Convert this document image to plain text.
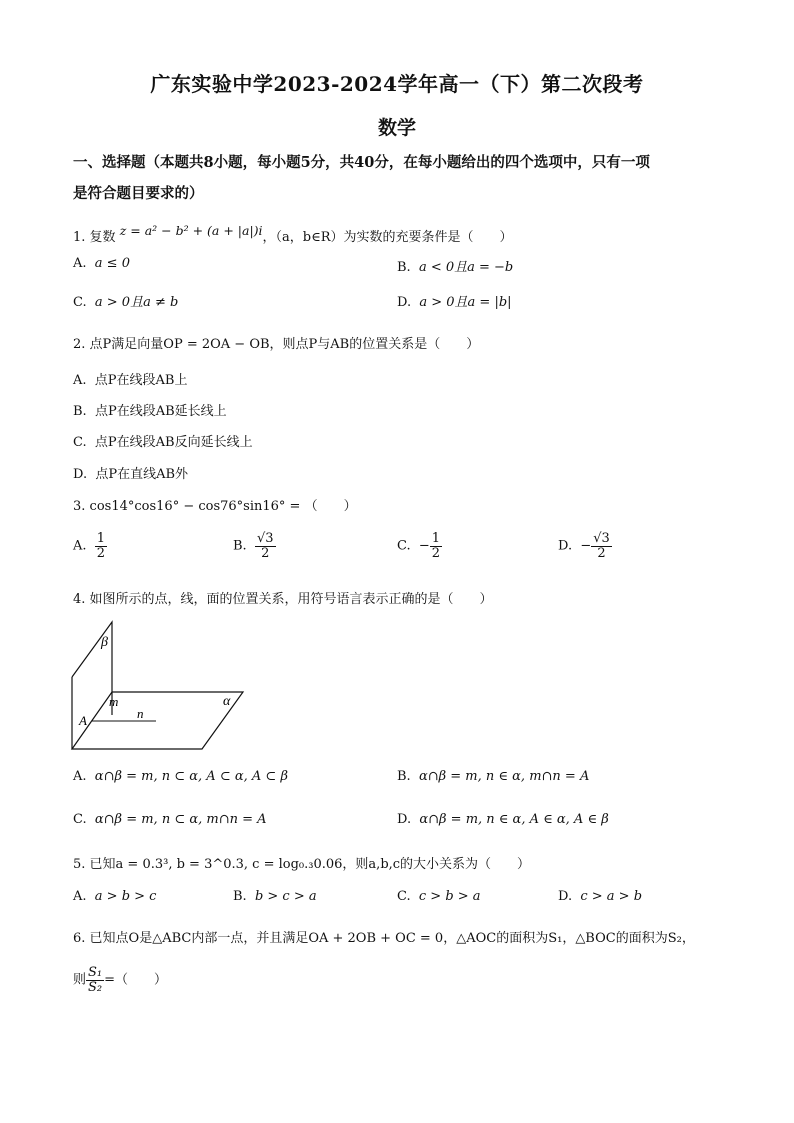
广东实验中学2023-2024学年高一（下）第二次段考
数学
一、选择题（本题共8小题，每小题5分，共40分，在每小题给出的四个选项中，只有一项
是符合题目要求的）
1. 复数 z = a² − b² + (a + |a|)i，（a，b∈R）为实数的充要条件是（　　）
A.  a ≤ 0	B.  a < 0且a = −b
C.  a > 0且a ≠ b	D.  a > 0且a = |b|
2. 点P满足向量OP = 2OA − OB，则点P与AB的位置关系是（　　）
A.  点P在线段AB上
B.  点P在线段AB延长线上
C.  点P在线段AB反向延长线上
D.  点P在直线AB外
3. cos14°cos16° − cos76°sin16° = （　　）
A. $\frac{1}{2}$	B. $\frac{√3}{2}$	C.  − $\frac{1}{2}$	D.  − $\frac{√3}{2}$
4. 如图所示的点，线，面的位置关系，用符号语言表示正确的是（　　）
β
α
m
n
A
A.  α∩β = m, n ⊂ α, A ⊂ α, A ⊂ β	B.  α∩β = m, n ∈ α, m∩n = A
C.  α∩β = m, n ⊂ α, m∩n = A	D.  α∩β = m, n ∈ α, A ∈ α, A ∈ β
5. 已知a = 0.3³, b = 3^0.3, c = log₀.₃0.06，则a,b,c的大小关系为（　　）
A.  a > b > c	B.  b > c > a	C.  c > b > a	D.  c > a > b
6. 已知点O是△ABC内部一点，并且满足OA + 2OB + OC = 0，△AOC的面积为S₁，△BOC的面积为S₂，
则 $\frac{\text{S₁}}{\text{S₂}}$ =（　　）
